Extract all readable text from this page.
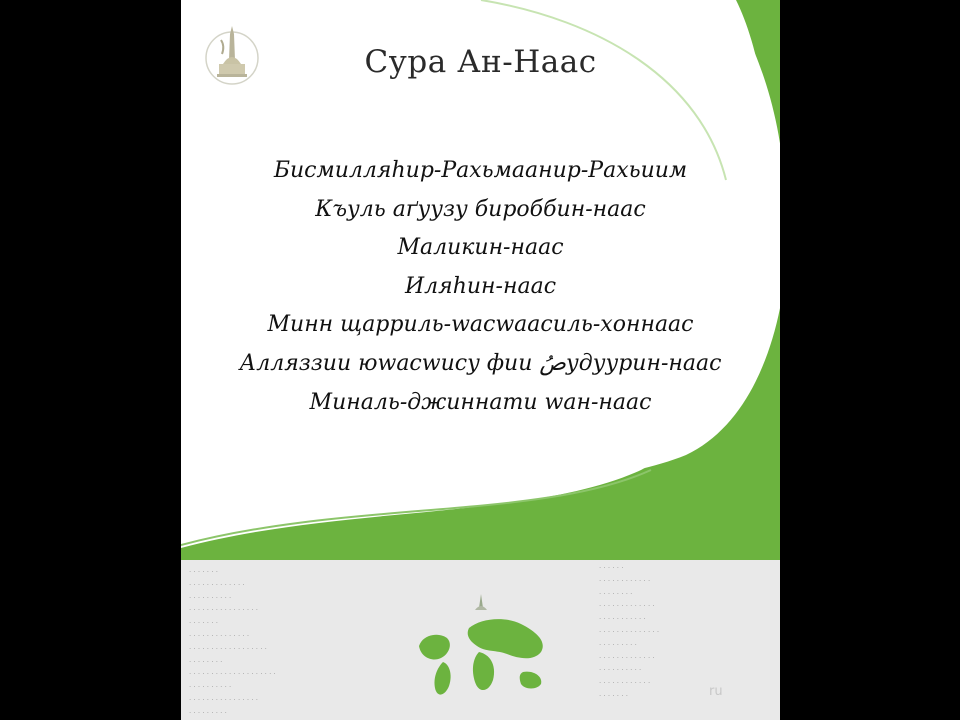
Сура Ан-Наас
Бисмилляhир-Рахьмаанир-Рахьиим
Къуль аґуузу бироббин-наас
Маликин-наас
Иляhин-наас
Минн щарриль-wасwаасиль-хоннаас
Алляззии юwасwису фии صُудуурин-наас
Миналь-джиннати wан-наас
· · · · · · ·
· · · · · · · · · · · · ·
· · · · · · · · · ·
· · · · · · · · · · · · · · · ·
· · · · · · ·
· · · · · · · · · · · · · ·
· · · · · · · · · · · · · · · · · ·
· · · · · · · ·
· · · · · · · · · · · · · · · · · · · ·
· · · · · · · · · ·
· · · · · · · · · · · · · · · ·
· · · · · · · · ·
· · · · · ·
· · · · · · · · · · · ·
· · · · · · · ·
· · · · · · · · · · · · ·
· · · · · · · · · · ·
· · · · · · · · · · · · · ·
· · · · · · · · ·
· · · · · · · · · · · · ·
· · · · · · · · · ·
· · · · · · · · · · · ·
· · · · · · ·	ru
